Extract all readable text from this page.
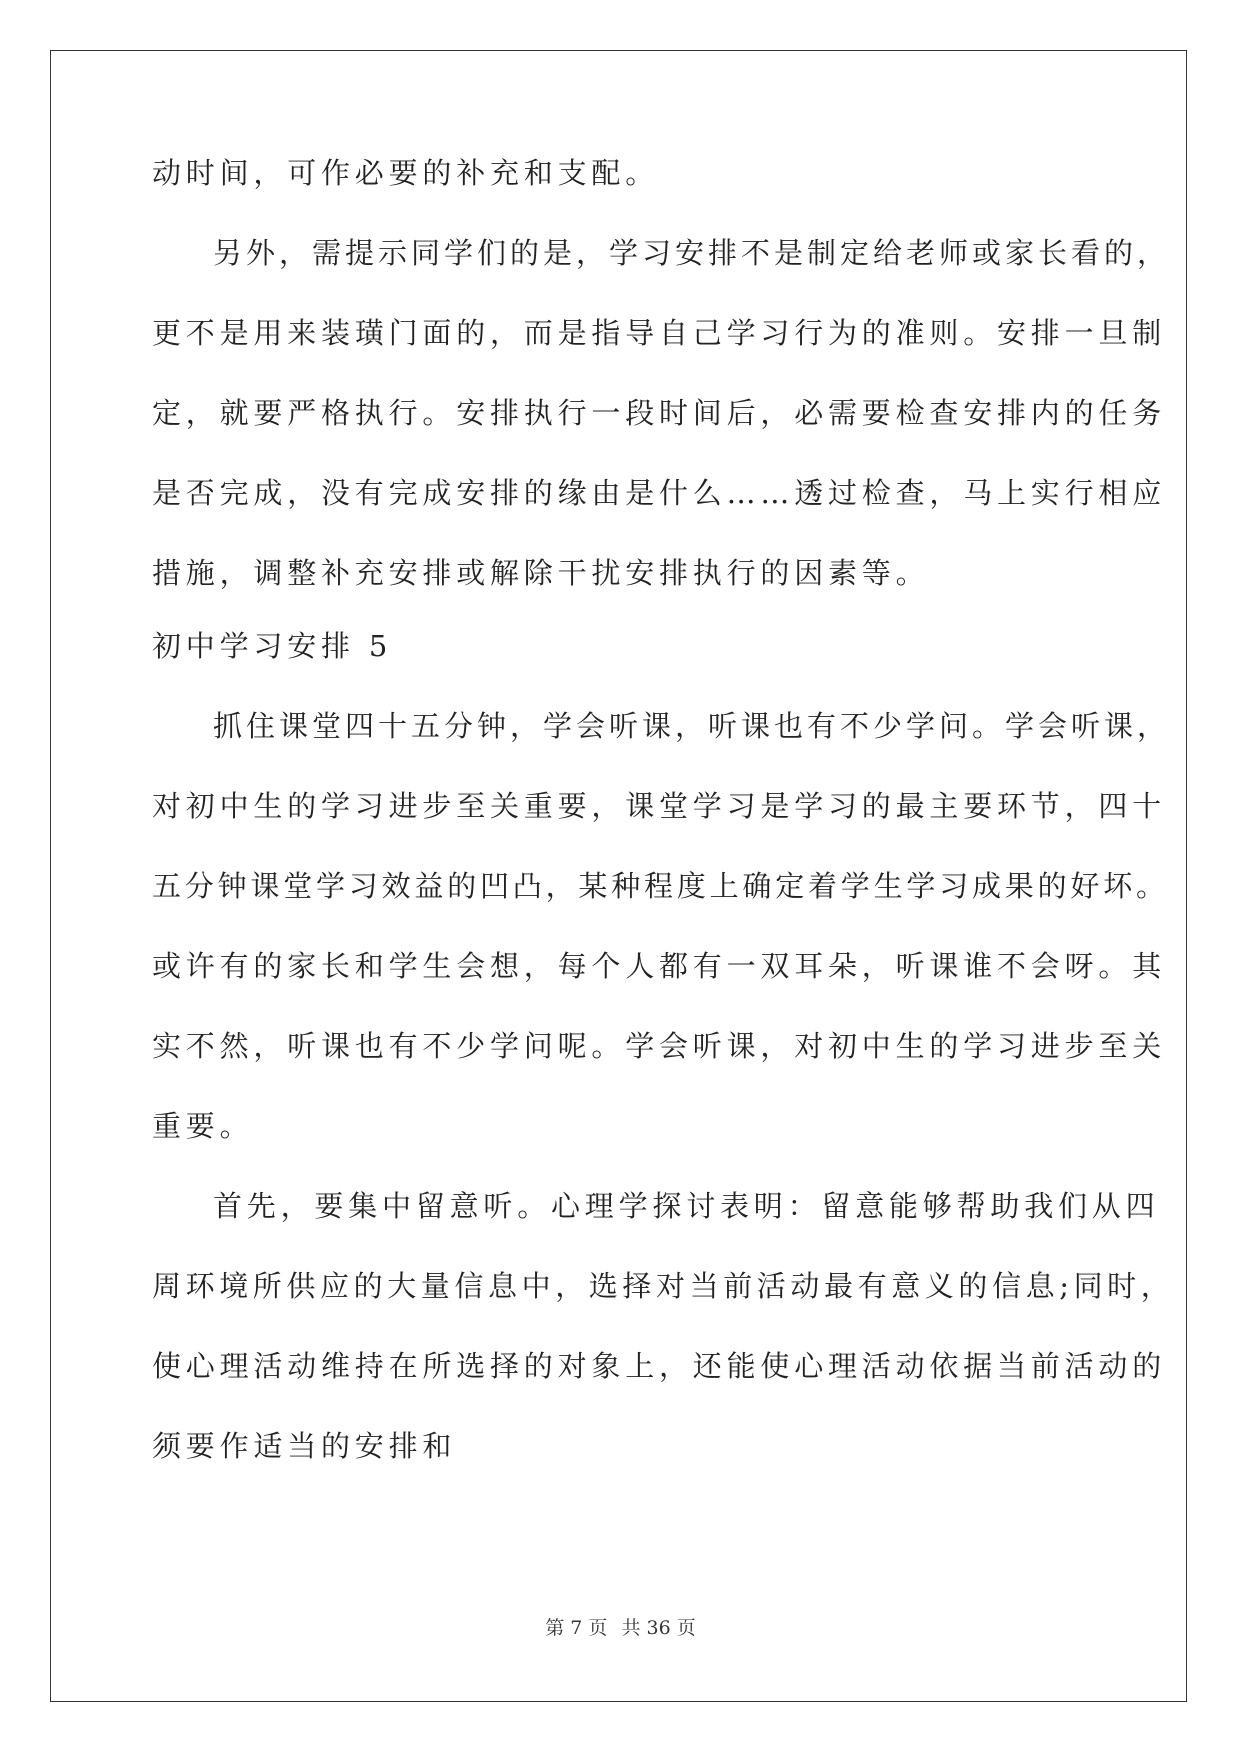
动时间，可作必要的补充和支配。
另外，需提示同学们的是，学习安排不是制定给老师或家长看的，
更不是用来装璜门面的，而是指导自己学习行为的准则。安排一旦制
定，就要严格执行。安排执行一段时间后，必需要检查安排内的任务
是否完成，没有完成安排的缘由是什么……透过检查，马上实行相应
措施，调整补充安排或解除干扰安排执行的因素等。
初中学习安排 5
抓住课堂四十五分钟，学会听课，听课也有不少学问。学会听课，
对初中生的学习进步至关重要，课堂学习是学习的最主要环节，四十
五分钟课堂学习效益的凹凸，某种程度上确定着学生学习成果的好坏。
或许有的家长和学生会想，每个人都有一双耳朵，听课谁不会呀。其
实不然，听课也有不少学问呢。学会听课，对初中生的学习进步至关
重要。
首先，要集中留意听。心理学探讨表明：留意能够帮助我们从四
周环境所供应的大量信息中，选择对当前活动最有意义的信息;同时，
使心理活动维持在所选择的对象上，还能使心理活动依据当前活动的
须要作适当的安排和
第 7 页 共 36 页
